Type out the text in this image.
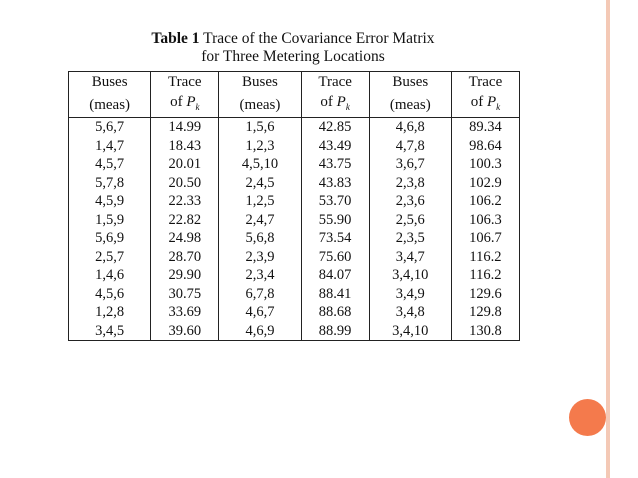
Table 1 Trace of the Covariance Error Matrix
for Three Metering Locations
Buses	Trace	Buses	Trace	Buses	Trace
(meas)	of $P_k$	(meas)	of $P_k$	(meas)	of $P_k$
5,6,7	14.99	1,5,6	42.85	4,6,8	89.34
1,4,7	18.43	1,2,3	43.49	4,7,8	98.64
4,5,7	20.01	4,5,10	43.75	3,6,7	100.3
5,7,8	20.50	2,4,5	43.83	2,3,8	102.9
4,5,9	22.33	1,2,5	53.70	2,3,6	106.2
1,5,9	22.82	2,4,7	55.90	2,5,6	106.3
5,6,9	24.98	5,6,8	73.54	2,3,5	106.7
2,5,7	28.70	2,3,9	75.60	3,4,7	116.2
1,4,6	29.90	2,3,4	84.07	3,4,10	116.2
4,5,6	30.75	6,7,8	88.41	3,4,9	129.6
1,2,8	33.69	4,6,7	88.68	3,4,8	129.8
3,4,5	39.60	4,6,9	88.99	3,4,10	130.8
